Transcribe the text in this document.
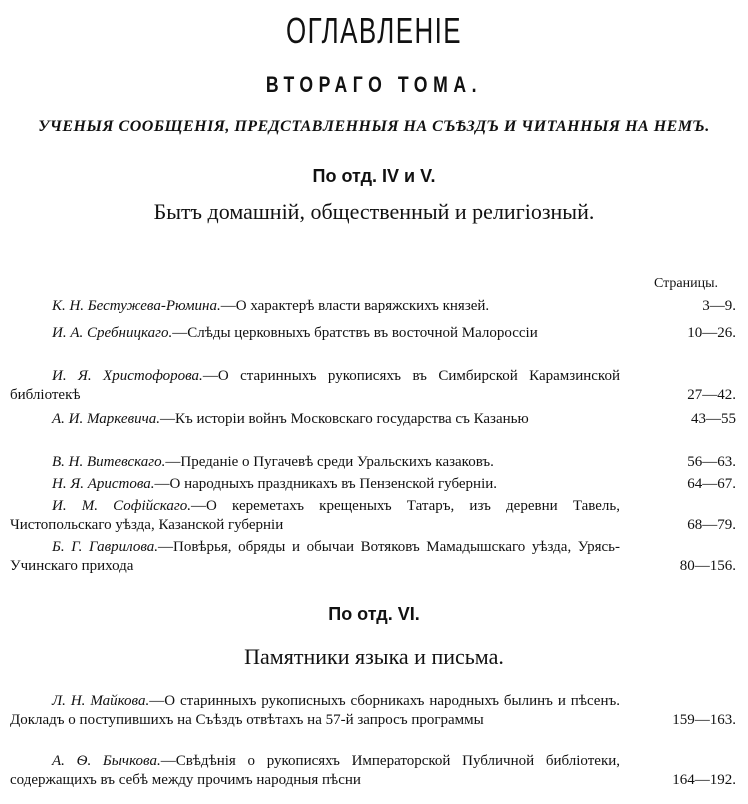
ОГЛАВЛЕНІЕ
ВТОРАГО ТОМА.
УЧЕНЫЯ СООБЩЕНІЯ, ПРЕДСТАВЛЕННЫЯ НА СЪѢЗДЪ И ЧИТАННЫЯ НА НЕМЪ.
По отд. IV и V.
Бытъ домашній, общественный и религіозный.
Страницы.
К. Н. Бестужева-Рюмина.—О характерѣ власти варяжскихъ князей.	3—9.
И. А. Сребницкаго.—Слѣды церковныхъ братствъ въ восточной Малороссіи	10—26.
И. Я. Христофорова.—О старинныхъ рукописяхъ въ Симбирской Карамзинской библіотекѣ	27—42.
А. И. Маркевича.—Къ исторіи войнъ Московскаго государства съ Казанью	43—55
В. Н. Витевскаго.—Преданіе о Пугачевѣ среди Уральскихъ казаковъ.	56—63.
Н. Я. Аристова.—О народныхъ праздникахъ въ Пензенской губерніи.	64—67.
И. М. Софійскаго.—О кереметахъ крещеныхъ Татаръ, изъ деревни Тавель, Чистопольскаго уѣзда, Казанской губерніи	68—79.
Б. Г. Гаврилова.—Повѣрья, обряды и обычаи Вотяковъ Мамадышскаго уѣзда, Урясь-Учинскаго прихода	80—156.
По отд. VI.
Памятники языка и письма.
Л. Н. Майкова.—О старинныхъ рукописныхъ сборникахъ народныхъ былинъ и пѣсенъ. Докладъ о поступившихъ на Съѣздъ отвѣтахъ на 57-й запросъ программы	159—163.
А. Ѳ. Бычкова.—Свѣдѣнія о рукописяхъ Императорской Публичной библіотеки, содержащихъ въ себѣ между прочимъ народныя пѣсни	164—192.
